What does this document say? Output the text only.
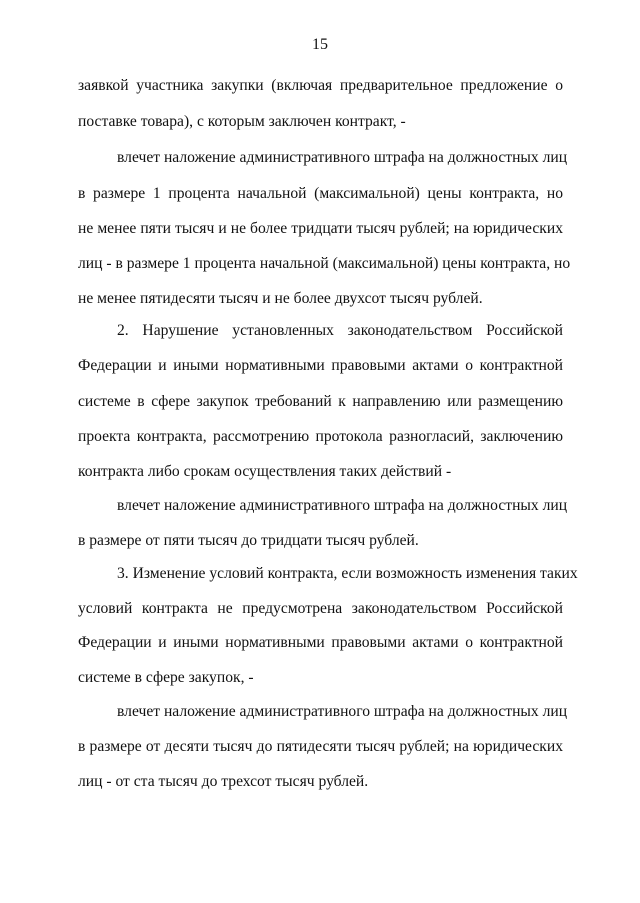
15
заявкой участника закупки (включая предварительное предложение о
поставке товара), с которым заключен контракт, -
влечет наложение административного штрафа на должностных лиц
в размере 1 процента начальной (максимальной) цены контракта, но
не менее пяти тысяч и не более тридцати тысяч рублей; на юридических
лиц - в размере 1 процента начальной (максимальной) цены контракта, но
не менее пятидесяти тысяч и не более двухсот тысяч рублей.
2. Нарушение установленных законодательством Российской
Федерации и иными нормативными правовыми актами о контрактной
системе в сфере закупок требований к направлению или размещению
проекта контракта, рассмотрению протокола разногласий, заключению
контракта либо срокам осуществления таких действий -
влечет наложение административного штрафа на должностных лиц
в размере от пяти тысяч до тридцати тысяч рублей.
3. Изменение условий контракта, если возможность изменения таких
условий контракта не предусмотрена законодательством Российской
Федерации и иными нормативными правовыми актами о контрактной
системе в сфере закупок, -
влечет наложение административного штрафа на должностных лиц
в размере от десяти тысяч до пятидесяти тысяч рублей; на юридических
лиц - от ста тысяч до трехсот тысяч рублей.
